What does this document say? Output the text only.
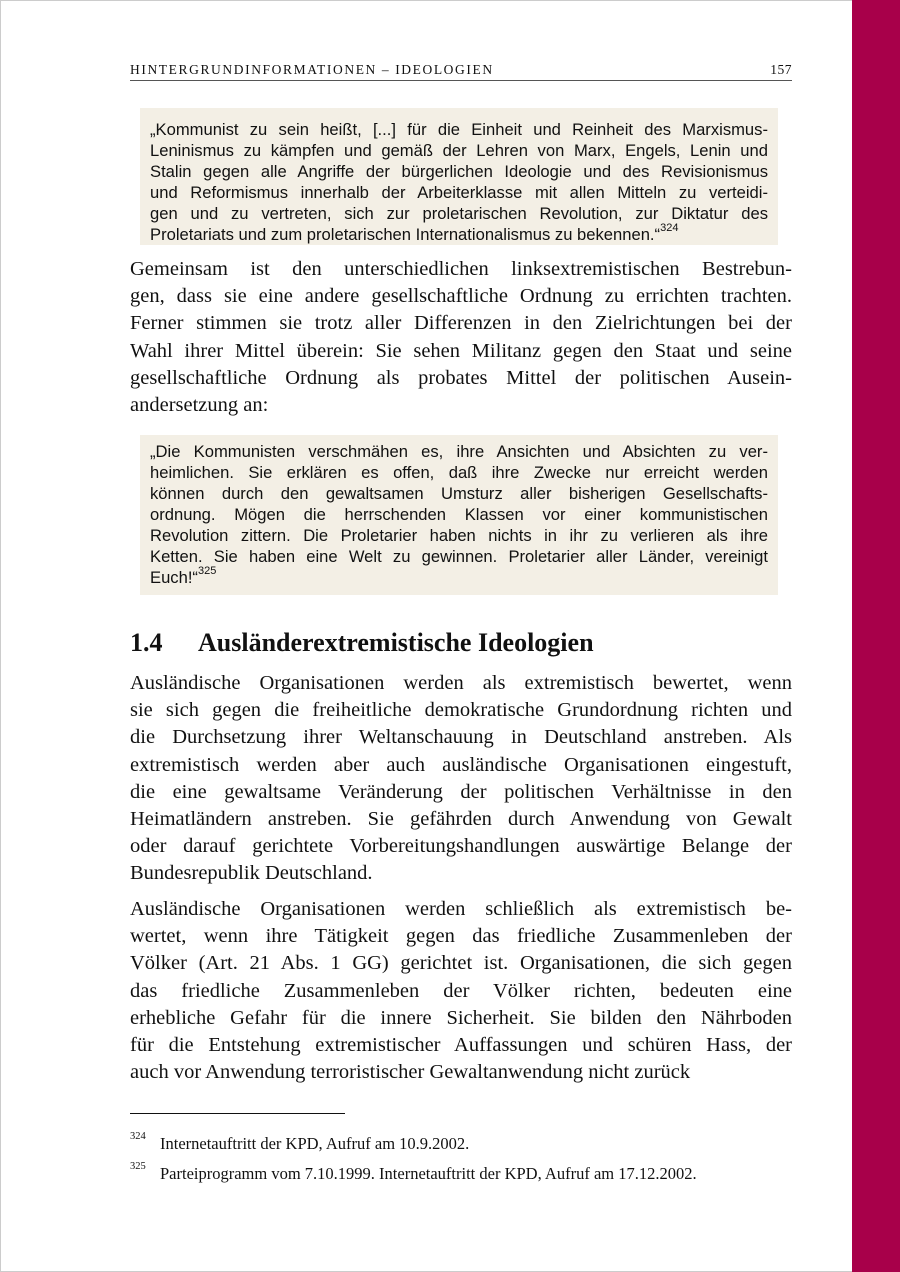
HINTERGRUNDINFORMATIONEN – IDEOLOGIEN	157
„Kommunist zu sein heißt, [...] für die Einheit und Reinheit des Marxismus-
Leninismus zu kämpfen und gemäß der Lehren von Marx, Engels, Lenin und
Stalin gegen alle Angriffe der bürgerlichen Ideologie und des Revisionismus
und Reformismus innerhalb der Arbeiterklasse mit allen Mitteln zu verteidi-
gen und zu vertreten, sich zur proletarischen Revolution, zur Diktatur des
Proletariats und zum proletarischen Internationalismus zu bekennen.“$^{324}$
Gemeinsam ist den unterschiedlichen linksextremistischen Bestrebun-
gen, dass sie eine andere gesellschaftliche Ordnung zu errichten trachten.
Ferner stimmen sie trotz aller Differenzen in den Zielrichtungen bei der
Wahl ihrer Mittel überein: Sie sehen Militanz gegen den Staat und seine
gesellschaftliche Ordnung als probates Mittel der politischen Ausein-
andersetzung an:
„Die Kommunisten verschmähen es, ihre Ansichten und Absichten zu ver-
heimlichen. Sie erklären es offen, daß ihre Zwecke nur erreicht werden
können durch den gewaltsamen Umsturz aller bisherigen Gesellschafts-
ordnung. Mögen die herrschenden Klassen vor einer kommunistischen
Revolution zittern. Die Proletarier haben nichts in ihr zu verlieren als ihre
Ketten. Sie haben eine Welt zu gewinnen. Proletarier aller Länder, vereinigt
Euch!“$^{325}$
1.4 Ausländerextremistische Ideologien
Ausländische Organisationen werden als extremistisch bewertet, wenn
sie sich gegen die freiheitliche demokratische Grundordnung richten und
die Durchsetzung ihrer Weltanschauung in Deutschland anstreben. Als
extremistisch werden aber auch ausländische Organisationen eingestuft,
die eine gewaltsame Veränderung der politischen Verhältnisse in den
Heimatländern anstreben. Sie gefährden durch Anwendung von Gewalt
oder darauf gerichtete Vorbereitungshandlungen auswärtige Belange der
Bundesrepublik Deutschland.
Ausländische Organisationen werden schließlich als extremistisch be-
wertet, wenn ihre Tätigkeit gegen das friedliche Zusammenleben der
Völker (Art. 21 Abs. 1 GG) gerichtet ist. Organisationen, die sich gegen
das friedliche Zusammenleben der Völker richten, bedeuten eine
erhebliche Gefahr für die innere Sicherheit. Sie bilden den Nährboden
für die Entstehung extremistischer Auffassungen und schüren Hass, der
auch vor Anwendung terroristischer Gewaltanwendung nicht zurück
$^{324}$ Internetauftritt der KPD, Aufruf am 10.9.2002.
$^{325}$ Parteiprogramm vom 7.10.1999. Internetauftritt der KPD, Aufruf am 17.12.2002.
